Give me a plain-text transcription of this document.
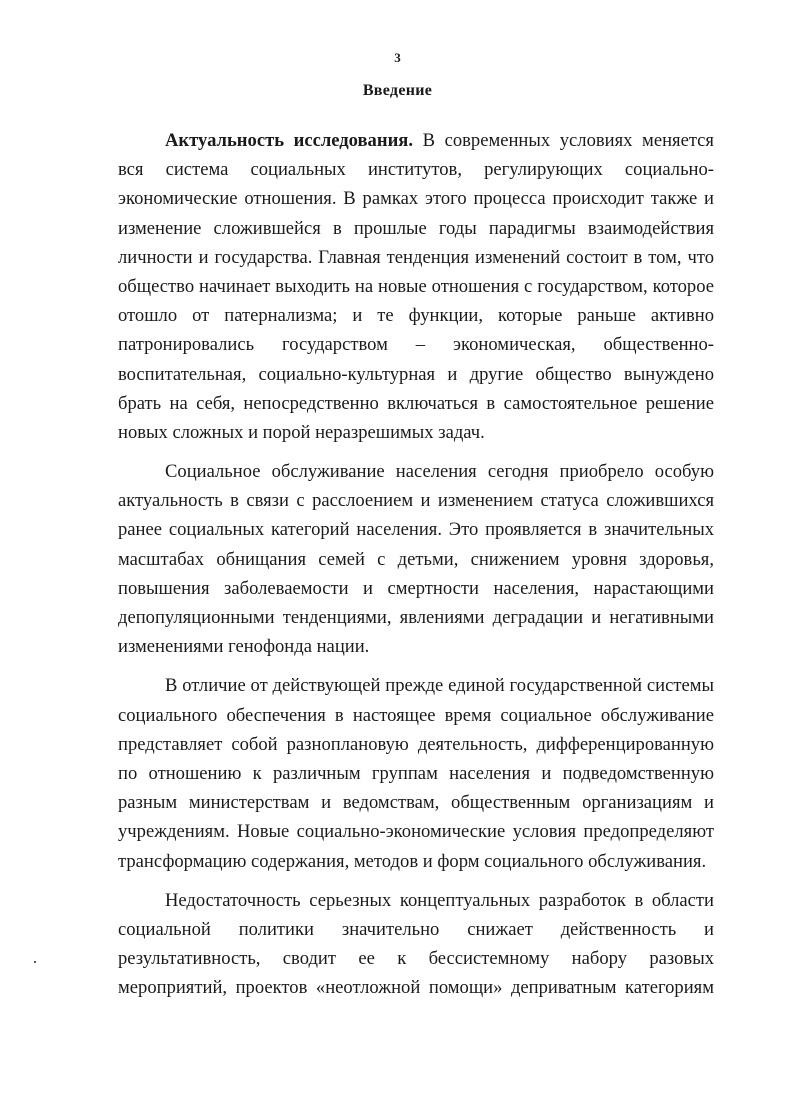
3
Введение
Актуальность исследования. В современных условиях меняется
вся система социальных институтов, регулирующих социально-
экономические отношения. В рамках этого процесса происходит также и
изменение сложившейся в прошлые годы парадигмы взаимодействия
личности и государства. Главная тенденция изменений состоит в том, что
общество начинает выходить на новые отношения с государством, которое
отошло от патернализма; и те функции, которые раньше активно
патронировались государством – экономическая, общественно-
воспитательная, социально-культурная и другие общество вынуждено
брать на себя, непосредственно включаться в самостоятельное решение
новых сложных и порой неразрешимых задач.
Социальное обслуживание населения сегодня приобрело особую
актуальность в связи с расслоением и изменением статуса сложившихся
ранее социальных категорий населения. Это проявляется в значительных
масштабах обнищания семей с детьми, снижением уровня здоровья,
повышения заболеваемости и смертности населения, нарастающими
депопуляционными тенденциями, явлениями деградации и негативными
изменениями генофонда нации.
В отличие от действующей прежде единой государственной системы
социального обеспечения в настоящее время социальное обслуживание
представляет собой разноплановую деятельность, дифференцированную
по отношению к различным группам населения и подведомственную
разным министерствам и ведомствам, общественным организациям и
учреждениям. Новые социально-экономические условия предопределяют
трансформацию содержания, методов и форм социального обслуживания.
Недостаточность серьезных концептуальных разработок в области
социальной политики значительно снижает действенность и
результативность, сводит ее к бессистемному набору разовых
мероприятий, проектов «неотложной помощи» деприватным категориям
